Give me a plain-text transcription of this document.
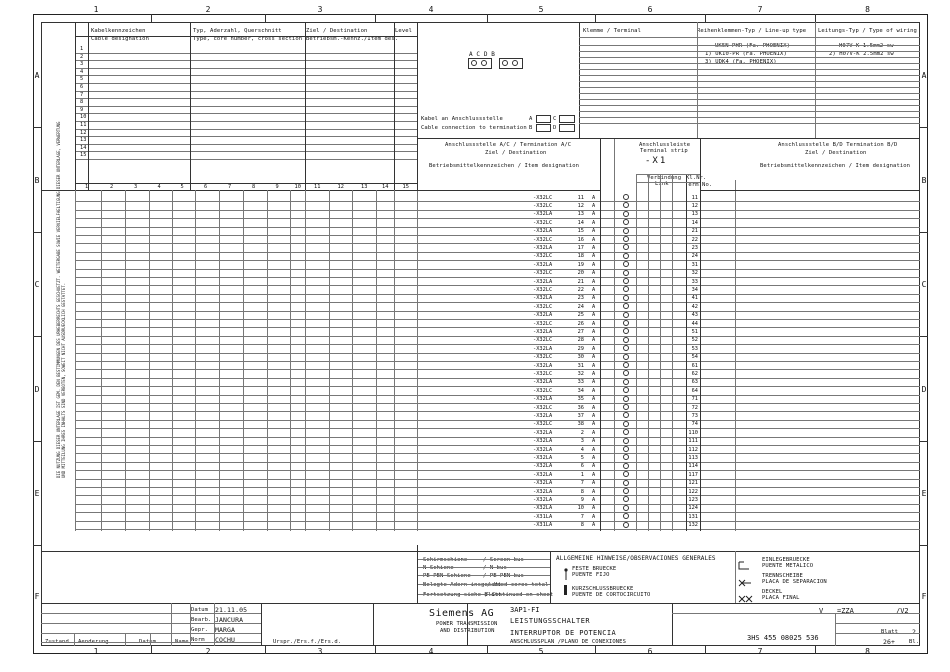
DIE NUTZUNG DIESER UNTERLAGE IST GEM. DEN BESTIMMUNGEN DES URHEBERRECHTS GESCHUETZT. WEITERGABE SOWIE VERVIELFAELTIGUNG DIESER UNTERLAGE, VERWERTUNG UND MITTEILUNG IHRES INHALTS SIND VERBOTEN, SOWEIT NICHT AUSDRUECKLICH GESTATTET.
Kabelkennzeichen
Cable designation
Typ, Aderzahl, Querschnitt
Type, core number, cross section
Ziel / Destination
Betriebsm.-Kennz./Item des.
Level
A C D B
Kabel an Anschlussstelle
Cable connection to termination
A	C
B	D
Klemme / Terminal	Reihenklemmen-Typ / Line-up type
UK5N-PHR (Fa. PHOENIX)
1) UK10-PR (Fa. PHOENIX)
3) UDK4 (Fa. PHOENIX)
Leitungs-Typ / Type of wiring
H07V-K 1.5mm2 sw
2) H07V-K 2.5mm2 sw
Anschlussstelle A/C / Termination A/C
Ziel / Destination
Betriebsmittelkennzeichen / Item designation
Anschlussleiste
Terminal strip
-X1
Verbindung
Link
Kl.Nr.
Term.No.
Anschlussstelle B/D Termination B/D
Ziel / Destination
Betriebsmittelkennzeichen / Item designation
Schirmschiene	/ Screen bus
N-Schiene	/ N-bus
PE-PEN-Schiene / PE-PEN-bus
Belegte Adern insgesamt
/ Used cores total
Fortsetzung siehe Blatt
/ Continued on sheet
ALLGEMEINE HINWEISE/OBSERVACIONES GENERALES
FESTE BRUECKE
PUENTE FIJO
KURZSCHLUSSBRUECKE
PUENTE DE CORTOCIRCUITO
EINLEGEBRUECKE
PUENTE METALICO
TRENNSCHEIBE
PLACA DE SEPARACION
DECKEL
PLACA FINAL
Datum 21.11.05
Bearb. JANCURA
Gepr. MARGA
Norm COCHU
Zustand Aenderung	Datum	Name	Urspr./Ers.f./Ers.d.
Siemens AG
POWER TRANSMISSION
AND DISTRIBUTION
3AP1-FI
LEISTUNGSSCHALTER
INTERRUPTOR DE POTENCIA
ANSCHLUSSPLAN /PLANO DE CONEXIONES	3HS 455 08025 536
V =ZZA	/V2
Blatt 2
26+	Bl.
1
1
2
2
3
3
4
4
5
5
6
6
7
7
8
8
A	A
B	B
C	C
D	D
E	E
F	F
1
2
3
4
5
6
7
8
9
10
11
12
13
14
15
1	2	3	4	5	6	7	8	9	10 11	12	13	14	15
-X32LC	11 A	11
-X32LC	12 A	12
-X32LA	13 A	13
-X32LC	14 A	14
-X32LA	15 A	21
-X32LC	16 A	22
-X32LA	17 A	23
-X32LC	18 A	24
-X32LA	19 A	31
-X32LC	20 A	32
-X32LA	21 A	33
-X32LC	22 A	34
-X32LA	23 A	41
-X32LC	24 A	42
-X32LA	25 A	43
-X32LC	26 A	44
-X32LA	27 A	51
-X32LC	28 A	52
-X32LA	29 A	53
-X32LC	30 A	54
-X32LA	31 A	61
-X32LC	32 A	62
-X32LA	33 A	63
-X32LC	34 A	64
-X32LA	35 A	71
-X32LC	36 A	72
-X32LA	37 A	73
-X32LC	38 A	74
-X32LA	2 A	110
-X32LA	3 A	111
-X32LA	4 A	112
-X32LA	5 A	113
-X32LA	6 A	114
-X32LA	1 A	117
-X32LA	7 A	121
-X32LA	8 A	122
-X32LA	9 A	123
-X32LA	10 A	124
-X31LA	7 A	131
-X31LA	8 A	132
